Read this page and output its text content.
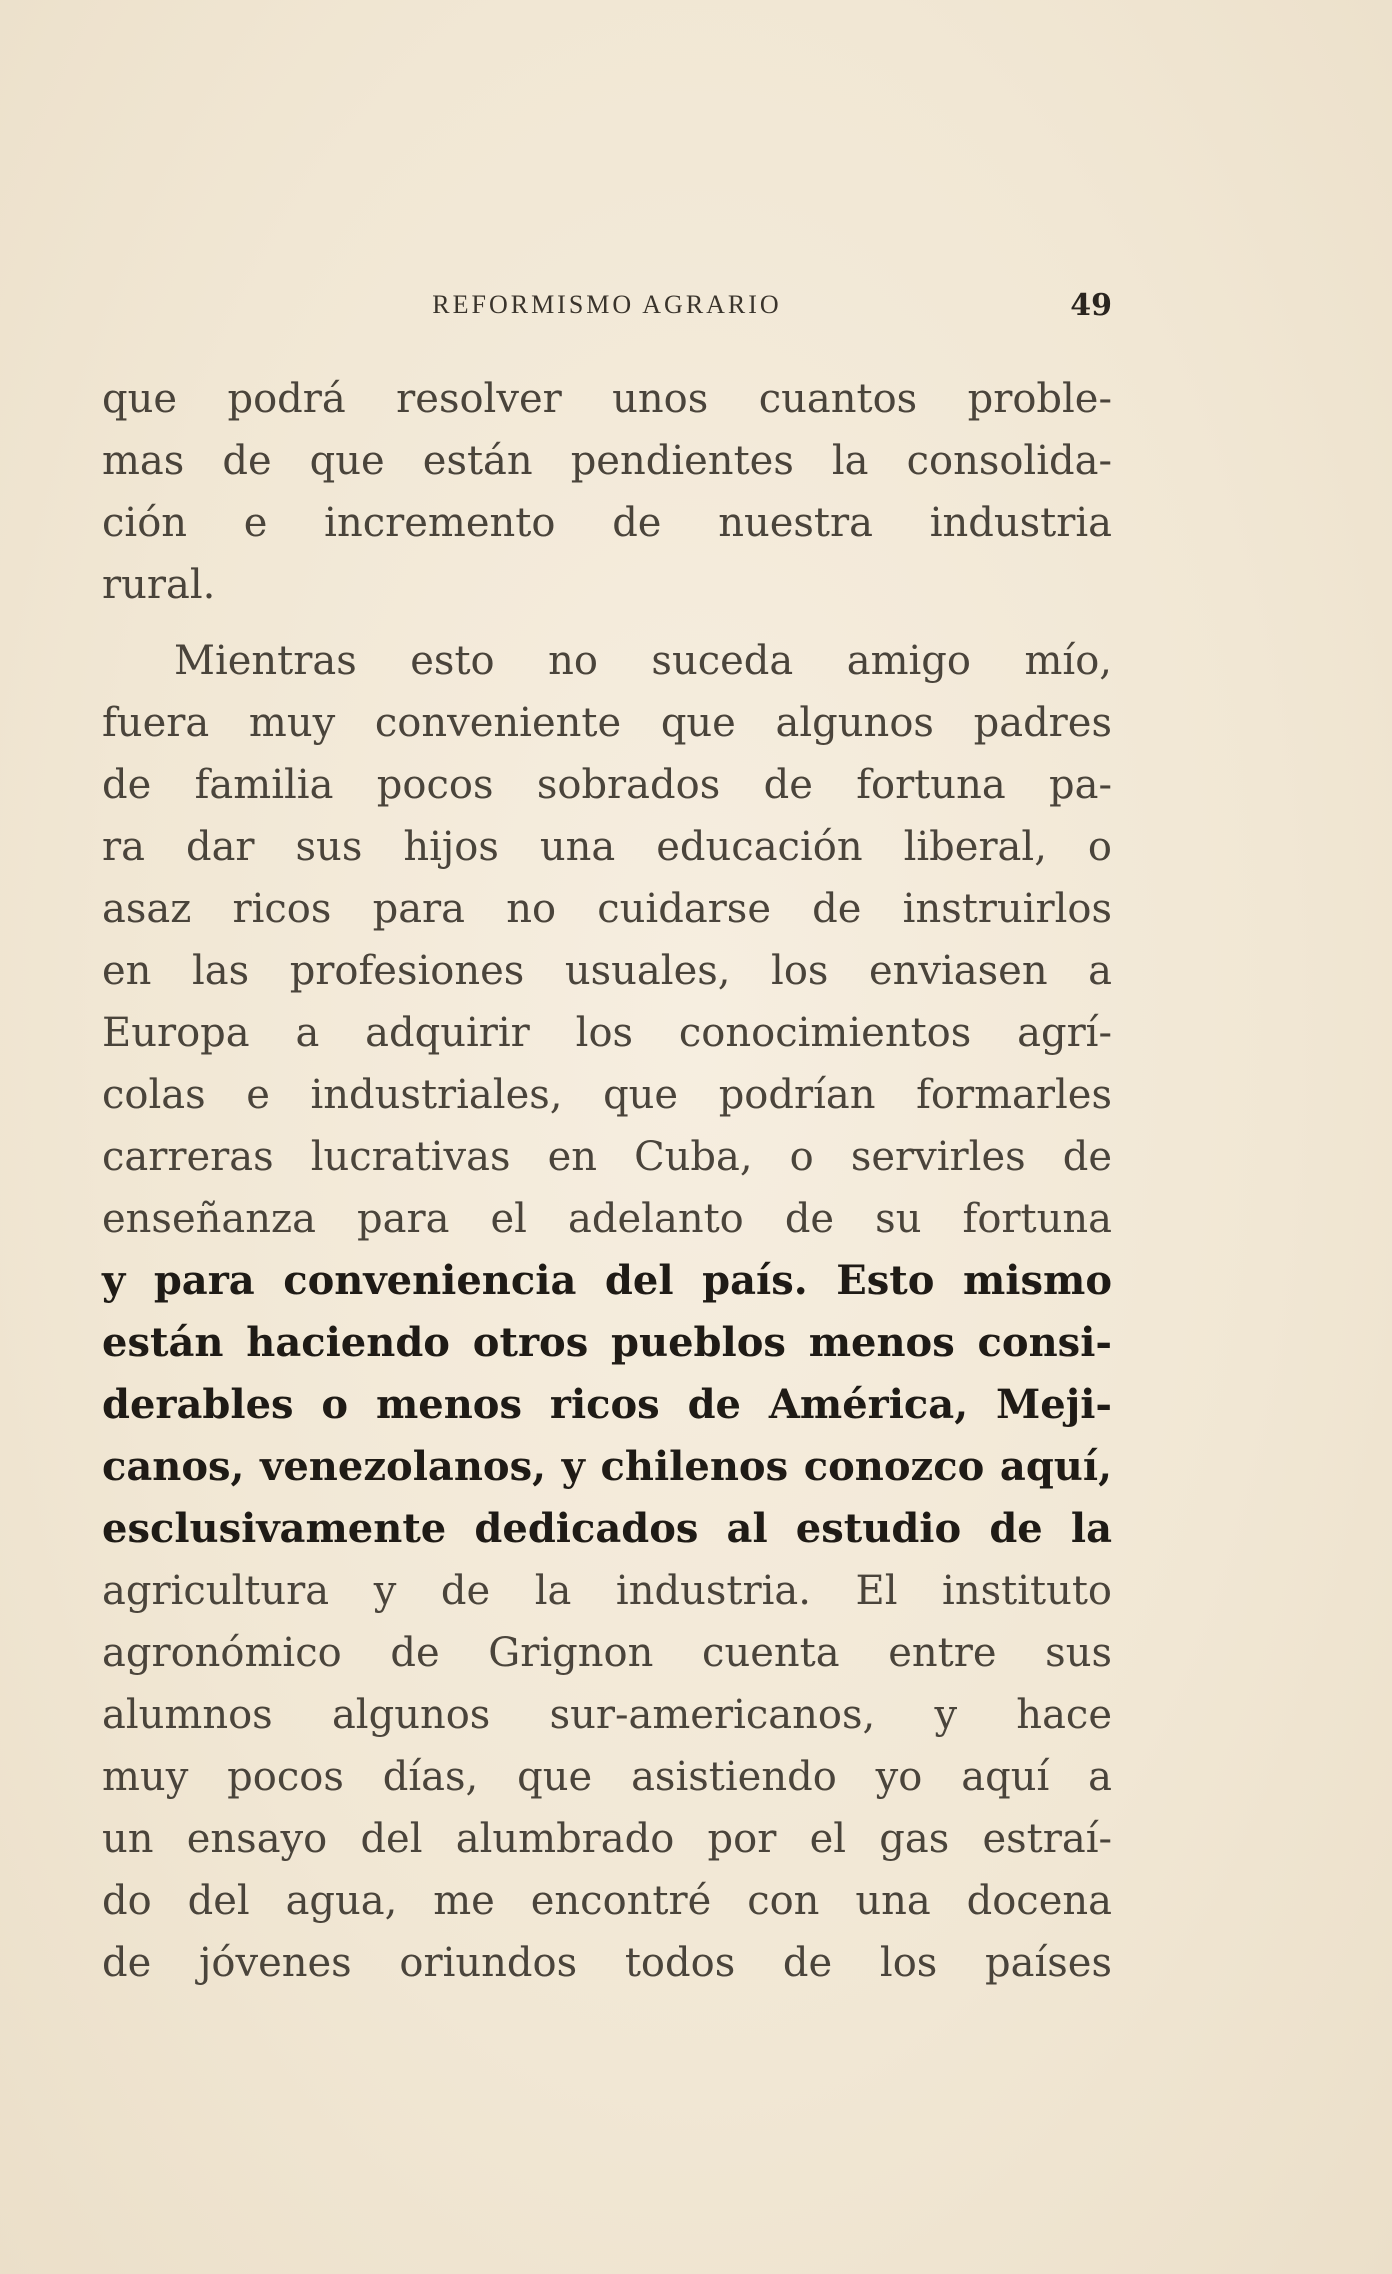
REFORMISMO AGRARIO	49
que podrá resolver unos cuantos proble-
mas de que están pendientes la consolida-
ción e incremento de nuestra industria
rural.
Mientras esto no suceda amigo mío,
fuera muy conveniente que algunos padres
de familia pocos sobrados de fortuna pa-
ra dar sus hijos una educación liberal, o
asaz ricos para no cuidarse de instruirlos
en las profesiones usuales, los enviasen a
Europa a adquirir los conocimientos agrí-
colas e industriales, que podrían formarles
carreras lucrativas en Cuba, o servirles de
enseñanza para el adelanto de su fortuna
y para conveniencia del país. Esto mismo
están haciendo otros pueblos menos consi-
derables o menos ricos de América, Meji-
canos, venezolanos, y chilenos conozco aquí,
esclusivamente dedicados al estudio de la
agricultura y de la industria. El instituto
agronómico de Grignon cuenta entre sus
alumnos algunos sur-americanos, y hace
muy pocos días, que asistiendo yo aquí a
un ensayo del alumbrado por el gas estraí-
do del agua, me encontré con una docena
de jóvenes oriundos todos de los países
